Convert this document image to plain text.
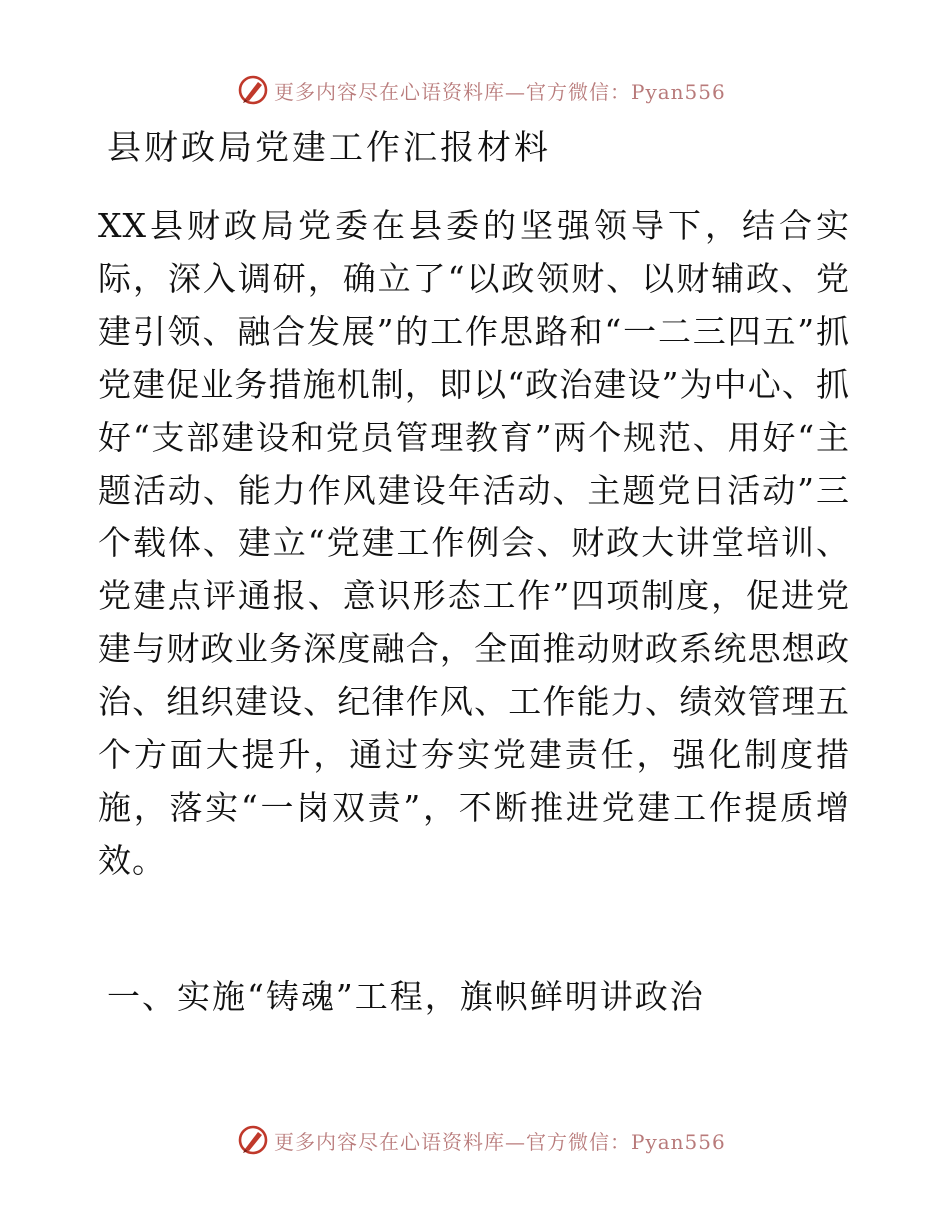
更多内容尽在心语资料库—官方微信：Pyan556
县财政局党建工作汇报材料

XX县财政局党委在县委的坚强领导下，结合实际，深入调研，确立了“以政领财、以财辅政、党建引领、融合发展”的工作思路和“一二三四五”抓党建促业务措施机制，即以“政治建设”为中心、抓好“支部建设和党员管理教育”两个规范、用好“主题活动、能力作风建设年活动、主题党日活动”三个载体、建立“党建工作例会、财政大讲堂培训、党建点评通报、意识形态工作”四项制度，促进党建与财政业务深度融合，全面推动财政系统思想政治、组织建设、纪律作风、工作能力、绩效管理五个方面大提升，通过夯实党建责任，强化制度措施，落实“一岗双责”，不断推进党建工作提质增效。

一、实施“铸魂”工程，旗帜鲜明讲政治
更多内容尽在心语资料库—官方微信：Pyan556
